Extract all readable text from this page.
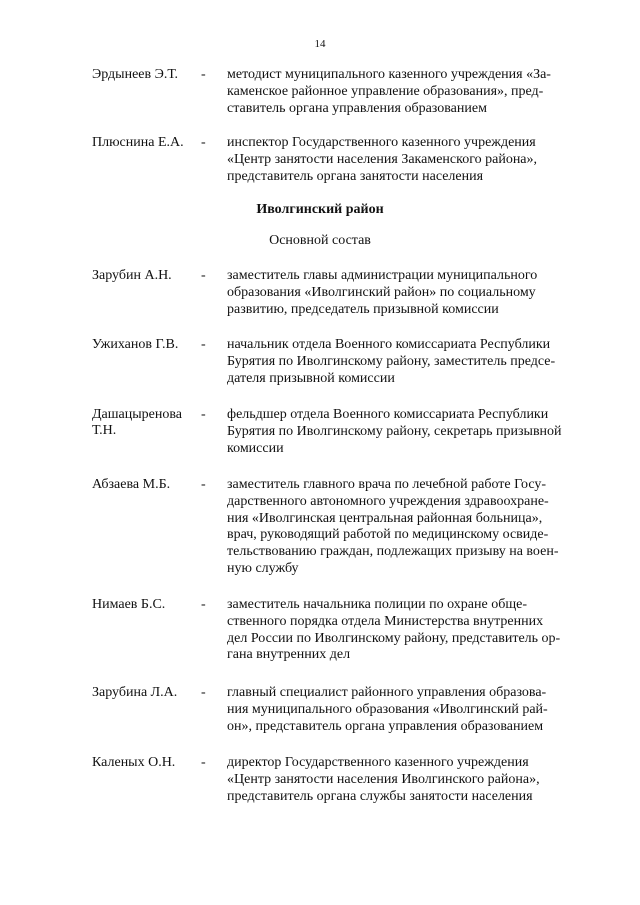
14
Эрдынеев Э.Т.	- методист муниципального казенного учреждения «За-
каменское районное управление образования», пред-
ставитель органа управления образованием
Плюснина Е.А.	- инспектор Государственного казенного учреждения
«Центр занятости населения Закаменского района»,
представитель органа занятости населения
Иволгинский район
Основной состав
Зарубин А.Н.	- заместитель главы администрации муниципального
образования «Иволгинский район» по социальному
развитию, председатель призывной комиссии
Ужиханов Г.В.	- начальник отдела Военного комиссариата Республики
Бурятия по Иволгинскому району, заместитель предсе-
дателя призывной комиссии
Дашацыренова Т.Н.
- фельдшер отдела Военного комиссариата Республики
Бурятия по Иволгинскому району, секретарь призывной
комиссии
Абзаева М.Б.	- заместитель главного врача по лечебной работе Госу-
дарственного автономного учреждения здравоохране-
ния «Иволгинская центральная районная больница»,
врач, руководящий работой по медицинскому освиде-
тельствованию граждан, подлежащих призыву на воен-
ную службу
Нимаев Б.С.	- заместитель начальника полиции по охране обще-
ственного порядка отдела Министерства внутренних
дел России по Иволгинскому району, представитель ор-
гана внутренних дел
Зарубина Л.А.	- главный специалист районного управления образова-
ния муниципального образования «Иволгинский рай-
он», представитель органа управления образованием
Каленых О.Н.	- директор Государственного казенного учреждения
«Центр занятости населения Иволгинского района»,
представитель органа службы занятости населения
